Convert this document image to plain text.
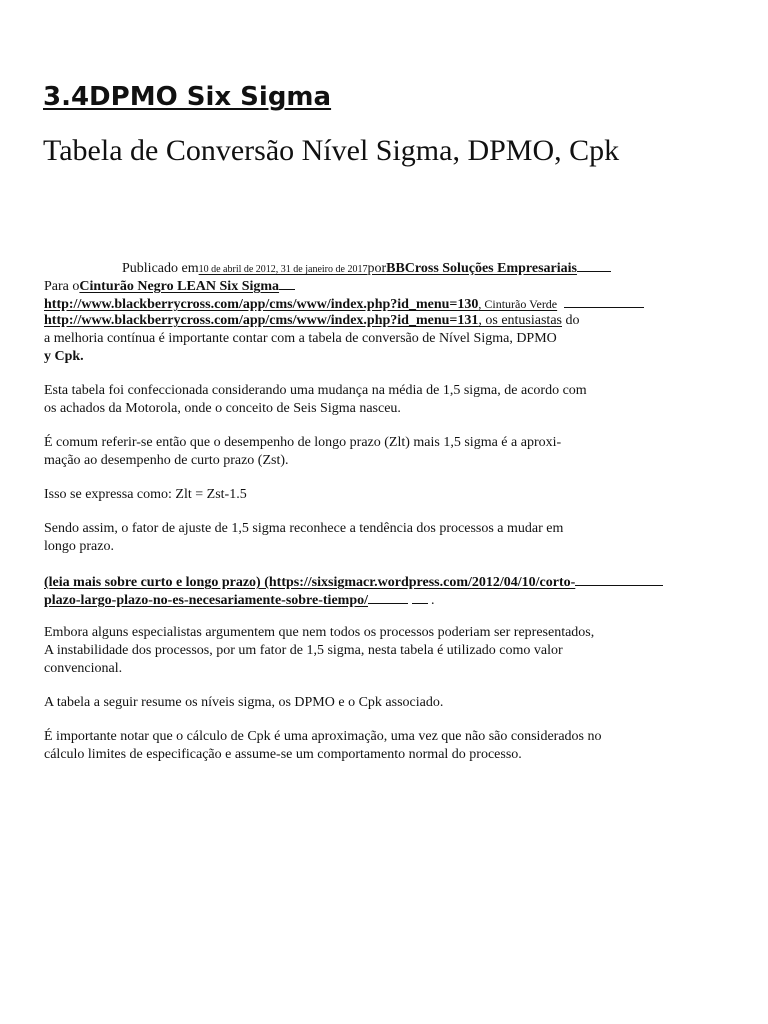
3.4DPMO Six Sigma
Tabela de Conversão Nível Sigma, DPMO, Cpk
Publicado em10 de abril de 2012, 31 de janeiro de 2017porBBCross Soluções Empresariais
Para oCinturão Negro LEAN Six Sigma
http://www.blackberrycross.com/app/cms/www/index.php?id_menu=130, Cinturão Verde
http://www.blackberrycross.com/app/cms/www/index.php?id_menu=131, os entusiastas do
a melhoria contínua é importante contar com a tabela de conversão de Nível Sigma, DPMO
y Cpk.
Esta tabela foi confeccionada considerando uma mudança na média de 1,5 sigma, de acordo com
os achados da Motorola, onde o conceito de Seis Sigma nasceu.
É comum referir-se então que o desempenho de longo prazo (Zlt) mais 1,5 sigma é a aproxi-
mação ao desempenho de curto prazo (Zst).
Isso se expressa como: Zlt = Zst-1.5
Sendo assim, o fator de ajuste de 1,5 sigma reconhece a tendência dos processos a mudar em
longo prazo.
(leia mais sobre curto e longo prazo) (https://sixsigmacr.wordpress.com/2012/04/10/corto-
plazo-largo-plazo-no-es-necesariamente-sobre-tiempo/	.
Embora alguns especialistas argumentem que nem todos os processos poderiam ser representados,
A instabilidade dos processos, por um fator de 1,5 sigma, nesta tabela é utilizado como valor
convencional.
A tabela a seguir resume os níveis sigma, os DPMO e o Cpk associado.
É importante notar que o cálculo de Cpk é uma aproximação, uma vez que não são considerados no
cálculo limites de especificação e assume-se um comportamento normal do processo.
